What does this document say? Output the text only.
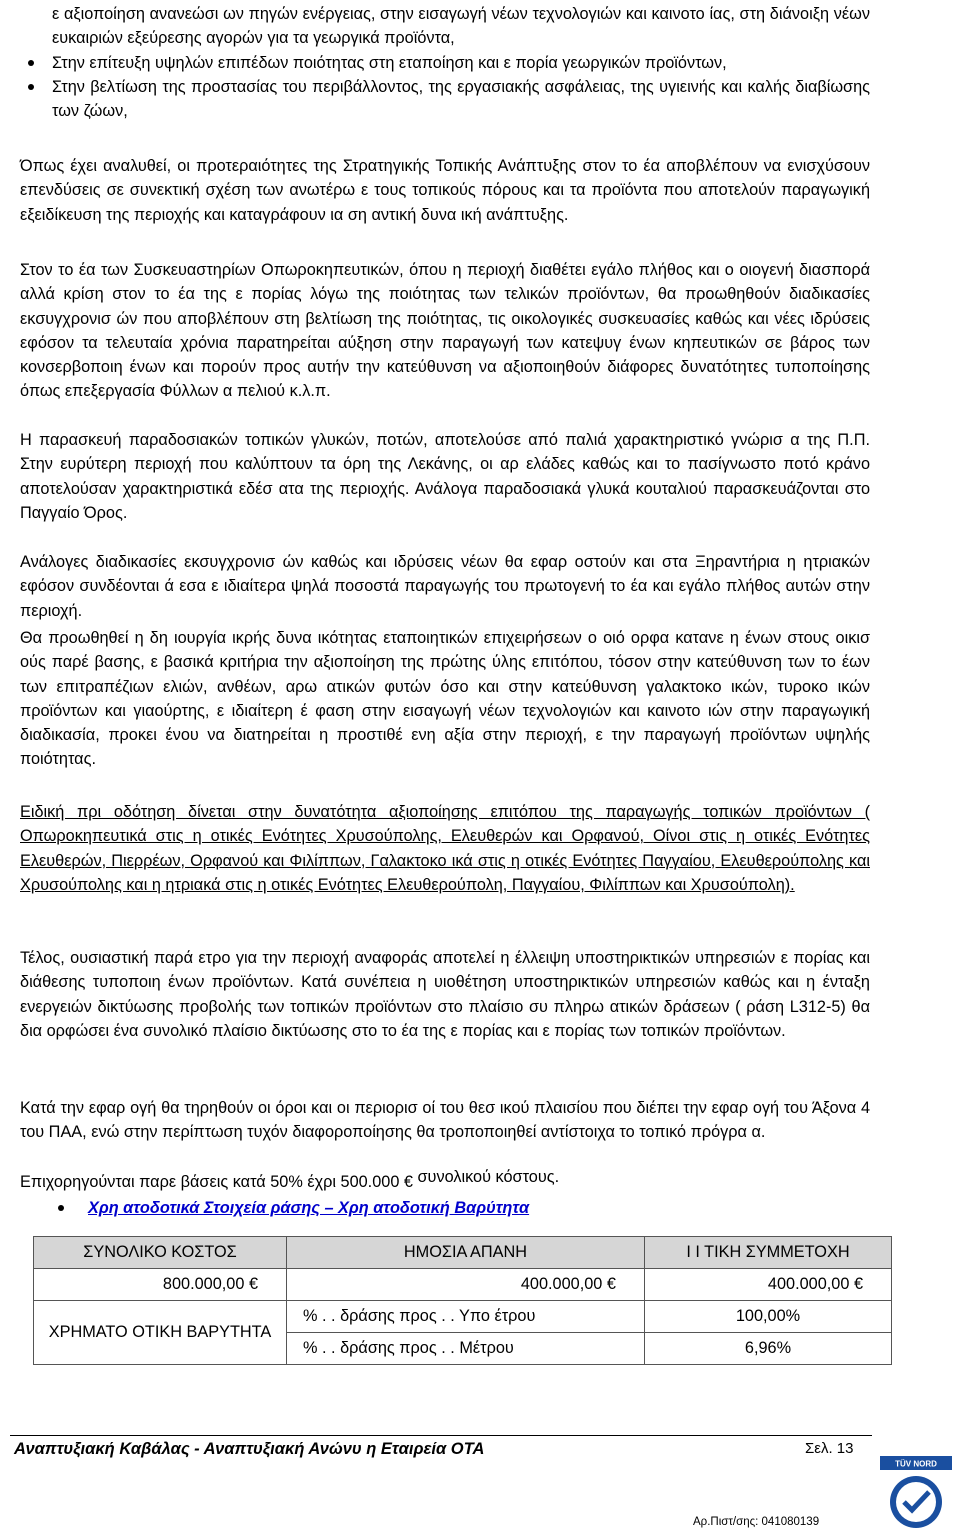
ε αξιοποίηση ανανεώσι ων πηγών ενέργειας, στην εισαγωγή νέων τεχνολογιών και καινοτο ίας, στη διάνοιξη νέων ευκαιριών εξεύρεσης αγορών για τα γεωργικά προϊόντα,
Στην επίτευξη υψηλών επιπέδων ποιότητας στη εταποίηση και ε πορία γεωργικών προϊόντων,
Στην βελτίωση της προστασίας του περιβάλλοντος, της εργασιακής ασφάλειας, της υγιεινής και καλής διαβίωσης των ζώων,

Όπως έχει αναλυθεί, οι προτεραιότητες της Στρατηγικής Τοπικής Ανάπτυξης στον το έα αποβλέπουν να ενισχύσουν επενδύσεις σε συνεκτική σχέση των ανωτέρω ε τους τοπικούς πόρους και τα προϊόντα που αποτελούν παραγωγική εξειδίκευση της περιοχής και καταγράφουν ια ση αντική δυνα ική ανάπτυξης.

Στον το έα των Συσκευαστηρίων Οπωροκηπευτικών, όπου η περιοχή διαθέτει εγάλο πλήθος και ο οιογενή διασπορά αλλά κρίση στον το έα της ε πορίας λόγω της ποιότητας των τελικών προϊόντων, θα προωθηθούν διαδικασίες εκσυγχρονισ ών που αποβλέπουν στη βελτίωση της ποιότητας, τις οικολογικές συσκευασίες καθώς και νέες ιδρύσεις εφόσον τα τελευταία χρόνια παρατηρείται αύξηση στην παραγωγή των κατεψυγ ένων κηπευτικών σε βάρος των κονσερβοποιη ένων και πορούν προς αυτήν την κατεύθυνση να αξιοποιηθούν διάφορες δυνατότητες τυποποίησης όπως επεξεργασία Φύλλων α πελιού κ.λ.π.

Η παρασκευή παραδοσιακών τοπικών γλυκών, ποτών, αποτελούσε από παλιά χαρακτηριστικό γνώρισ α της Π.Π. Στην ευρύτερη περιοχή που καλύπτουν τα όρη της Λεκάνης, οι αρ ελάδες καθώς και το πασίγνωστο ποτό κράνο αποτελούσαν χαρακτηριστικά εδέσ ατα της περιοχής. Ανάλογα παραδοσιακά γλυκά κουταλιού παρασκευάζονται στο Παγγαίο Όρος.

Ανάλογες διαδικασίες εκσυγχρονισ ών καθώς και ιδρύσεις νέων θα εφαρ οστούν και στα Ξηραντήρια η ητριακών εφόσον συνδέονται ά εσα ε ιδιαίτερα ψηλά ποσοστά παραγωγής του πρωτογενή το έα και εγάλο πλήθος αυτών στην περιοχή.

Θα προωθηθεί η δη ιουργία ικρής δυνα ικότητας εταποιητικών επιχειρήσεων ο οιό ορφα κατανε η ένων στους οικισ ούς παρέ βασης, ε βασικά κριτήρια την αξιοποίηση της πρώτης ύλης επιτόπου, τόσον στην κατεύθυνση των το έων των επιτραπέζιων ελιών, ανθέων, αρω ατικών φυτών όσο και στην κατεύθυνση γαλακτοκο ικών, τυροκο ικών προϊόντων και γιαούρτης, ε ιδιαίτερη έ φαση στην εισαγωγή νέων τεχνολογιών και καινοτο ιών στην παραγωγική διαδικασία, προκει ένου να διατηρείται η προστιθέ ενη αξία στην περιοχή, ε την παραγωγή προϊόντων υψηλής ποιότητας.

Ειδική πρι οδότηση δίνεται στην δυνατότητα αξιοποίησης επιτόπου της παραγωγής τοπικών προϊόντων ( Οπωροκηπευτικά στις η οτικές Ενότητες Χρυσούπολης, Ελευθερών και Ορφανού, Οίνοι στις η οτικές Ενότητες Ελευθερών, Πιερρέων, Ορφανού και Φιλίππων, Γαλακτοκο ικά στις η οτικές Ενότητες Παγγαίου, Ελευθερούπολης και Χρυσούπολης και η ητριακά στις η οτικές Ενότητες Ελευθερούπολη, Παγγαίου, Φιλίππων και Χρυσούπολη).

Τέλος, ουσιαστική παρά ετρο για την περιοχή αναφοράς αποτελεί η έλλειψη υποστηρικτικών υπηρεσιών ε πορίας και διάθεσης τυποποιη ένων προϊόντων. Κατά συνέπεια η υιοθέτηση υποστηρικτικών υπηρεσιών καθώς και η ένταξη ενεργειών δικτύωσης προβολής των τοπικών προϊόντων στο πλαίσιο συ πληρω ατικών δράσεων ( ράση L312-5) θα δια ορφώσει ένα συνολικό πλαίσιο δικτύωσης στο το έα της ε πορίας και ε πορίας των τοπικών προϊόντων.

Κατά την εφαρ ογή θα τηρηθούν οι όροι και οι περιορισ οί του θεσ ικού πλαισίου που διέπει την εφαρ ογή του Άξονα 4 του ΠΑΑ, ενώ στην περίπτωση τυχόν διαφοροποίησης θα τροποποιηθεί αντίστοιχα το τοπικό πρόγρα α.

Επιχορηγούνται παρε βάσεις κατά 50% έχρι 500.000 € συνολικού κόστους.
Χρη ατοδοτικά Στοιχεία ράσης – Χρη ατοδοτική Βαρύτητα
ΣΥΝΟΛΙΚΟ ΚΟΣΤΟΣ	ΗΜΟΣΙΑ ΑΠΑΝΗ	Ι Ι ΤΙΚΗ ΣΥΜΜΕΤΟΧΗ
800.000,00 €	400.000,00 €	400.000,00 €
ΧΡΗΜΑΤΟ ΟΤΙΚΗ ΒΑΡΥΤΗΤΑ	% . . δράσης προς . . Υπο έτρου	100,00%
	% . . δράσης προς . . Μέτρου	6,96%
Αναπτυξιακή Καβάλας - Αναπτυξιακή Ανώνυ η Εταιρεία ΟΤΑ	Σελ. 13
Αρ.Πιστ/σης: 041080139
TÜV NORD
